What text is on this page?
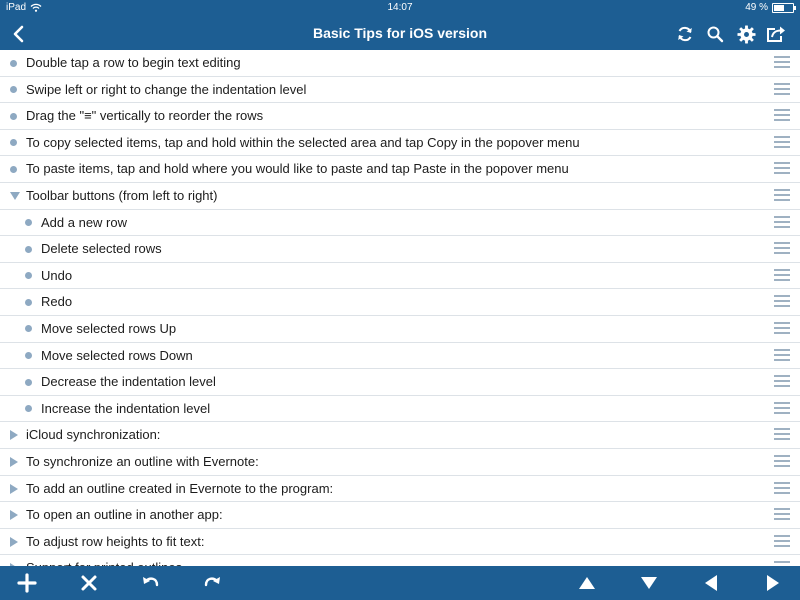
iPad	14:07	49 %
Basic Tips for iOS version
Double tap a row to begin text editing
Swipe left or right to change the indentation level
Drag the "≡" vertically to reorder the rows
To copy selected items, tap and hold within the selected area and tap Copy in the popover menu
To paste items, tap and hold where you would like to paste and tap Paste in the popover menu
Toolbar buttons (from left to right)
Add a new row
Delete selected rows
Undo
Redo
Move selected rows Up
Move selected rows Down
Decrease the indentation level
Increase the indentation level
iCloud synchronization:
To synchronize an outline with Evernote:
To add an outline created in Evernote to the program:
To open an outline in another app:
To adjust row heights to fit text:
